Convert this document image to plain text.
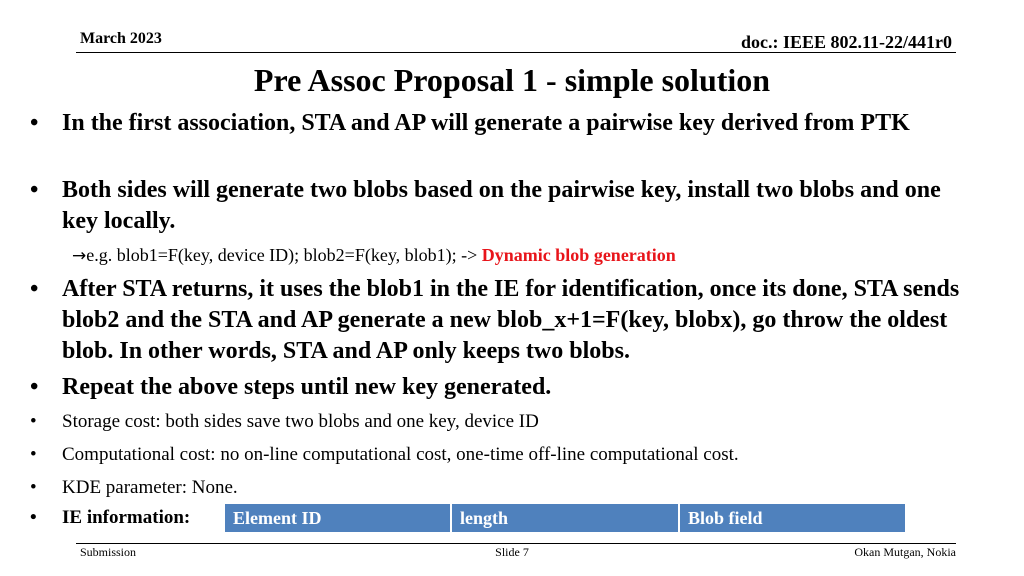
March 2023	doc.: IEEE 802.11-22/441r0
Pre Assoc Proposal 1 - simple solution
• In the first association, STA and AP will generate a pairwise key derived from PTK
• Both sides will generate two blobs based on the pairwise key, install two blobs and one key locally.
→e.g. blob1=F(key, device ID); blob2=F(key, blob1); -> Dynamic blob generation
• After STA returns, it uses the blob1 in the IE for identification, once its done, STA sends blob2 and the STA and AP generate a new blob_x+1=F(key, blobx), go throw the oldest blob. In other words, STA and AP only keeps two blobs.
• Repeat the above steps until new key generated.
• Storage cost: both sides save two blobs and one key, device ID
• Computational cost: no on-line computational cost, one-time off-line computational cost.
• KDE parameter: None.
• IE information:	Element ID	length	Blob field
Submission	Slide 7	Okan Mutgan, Nokia
